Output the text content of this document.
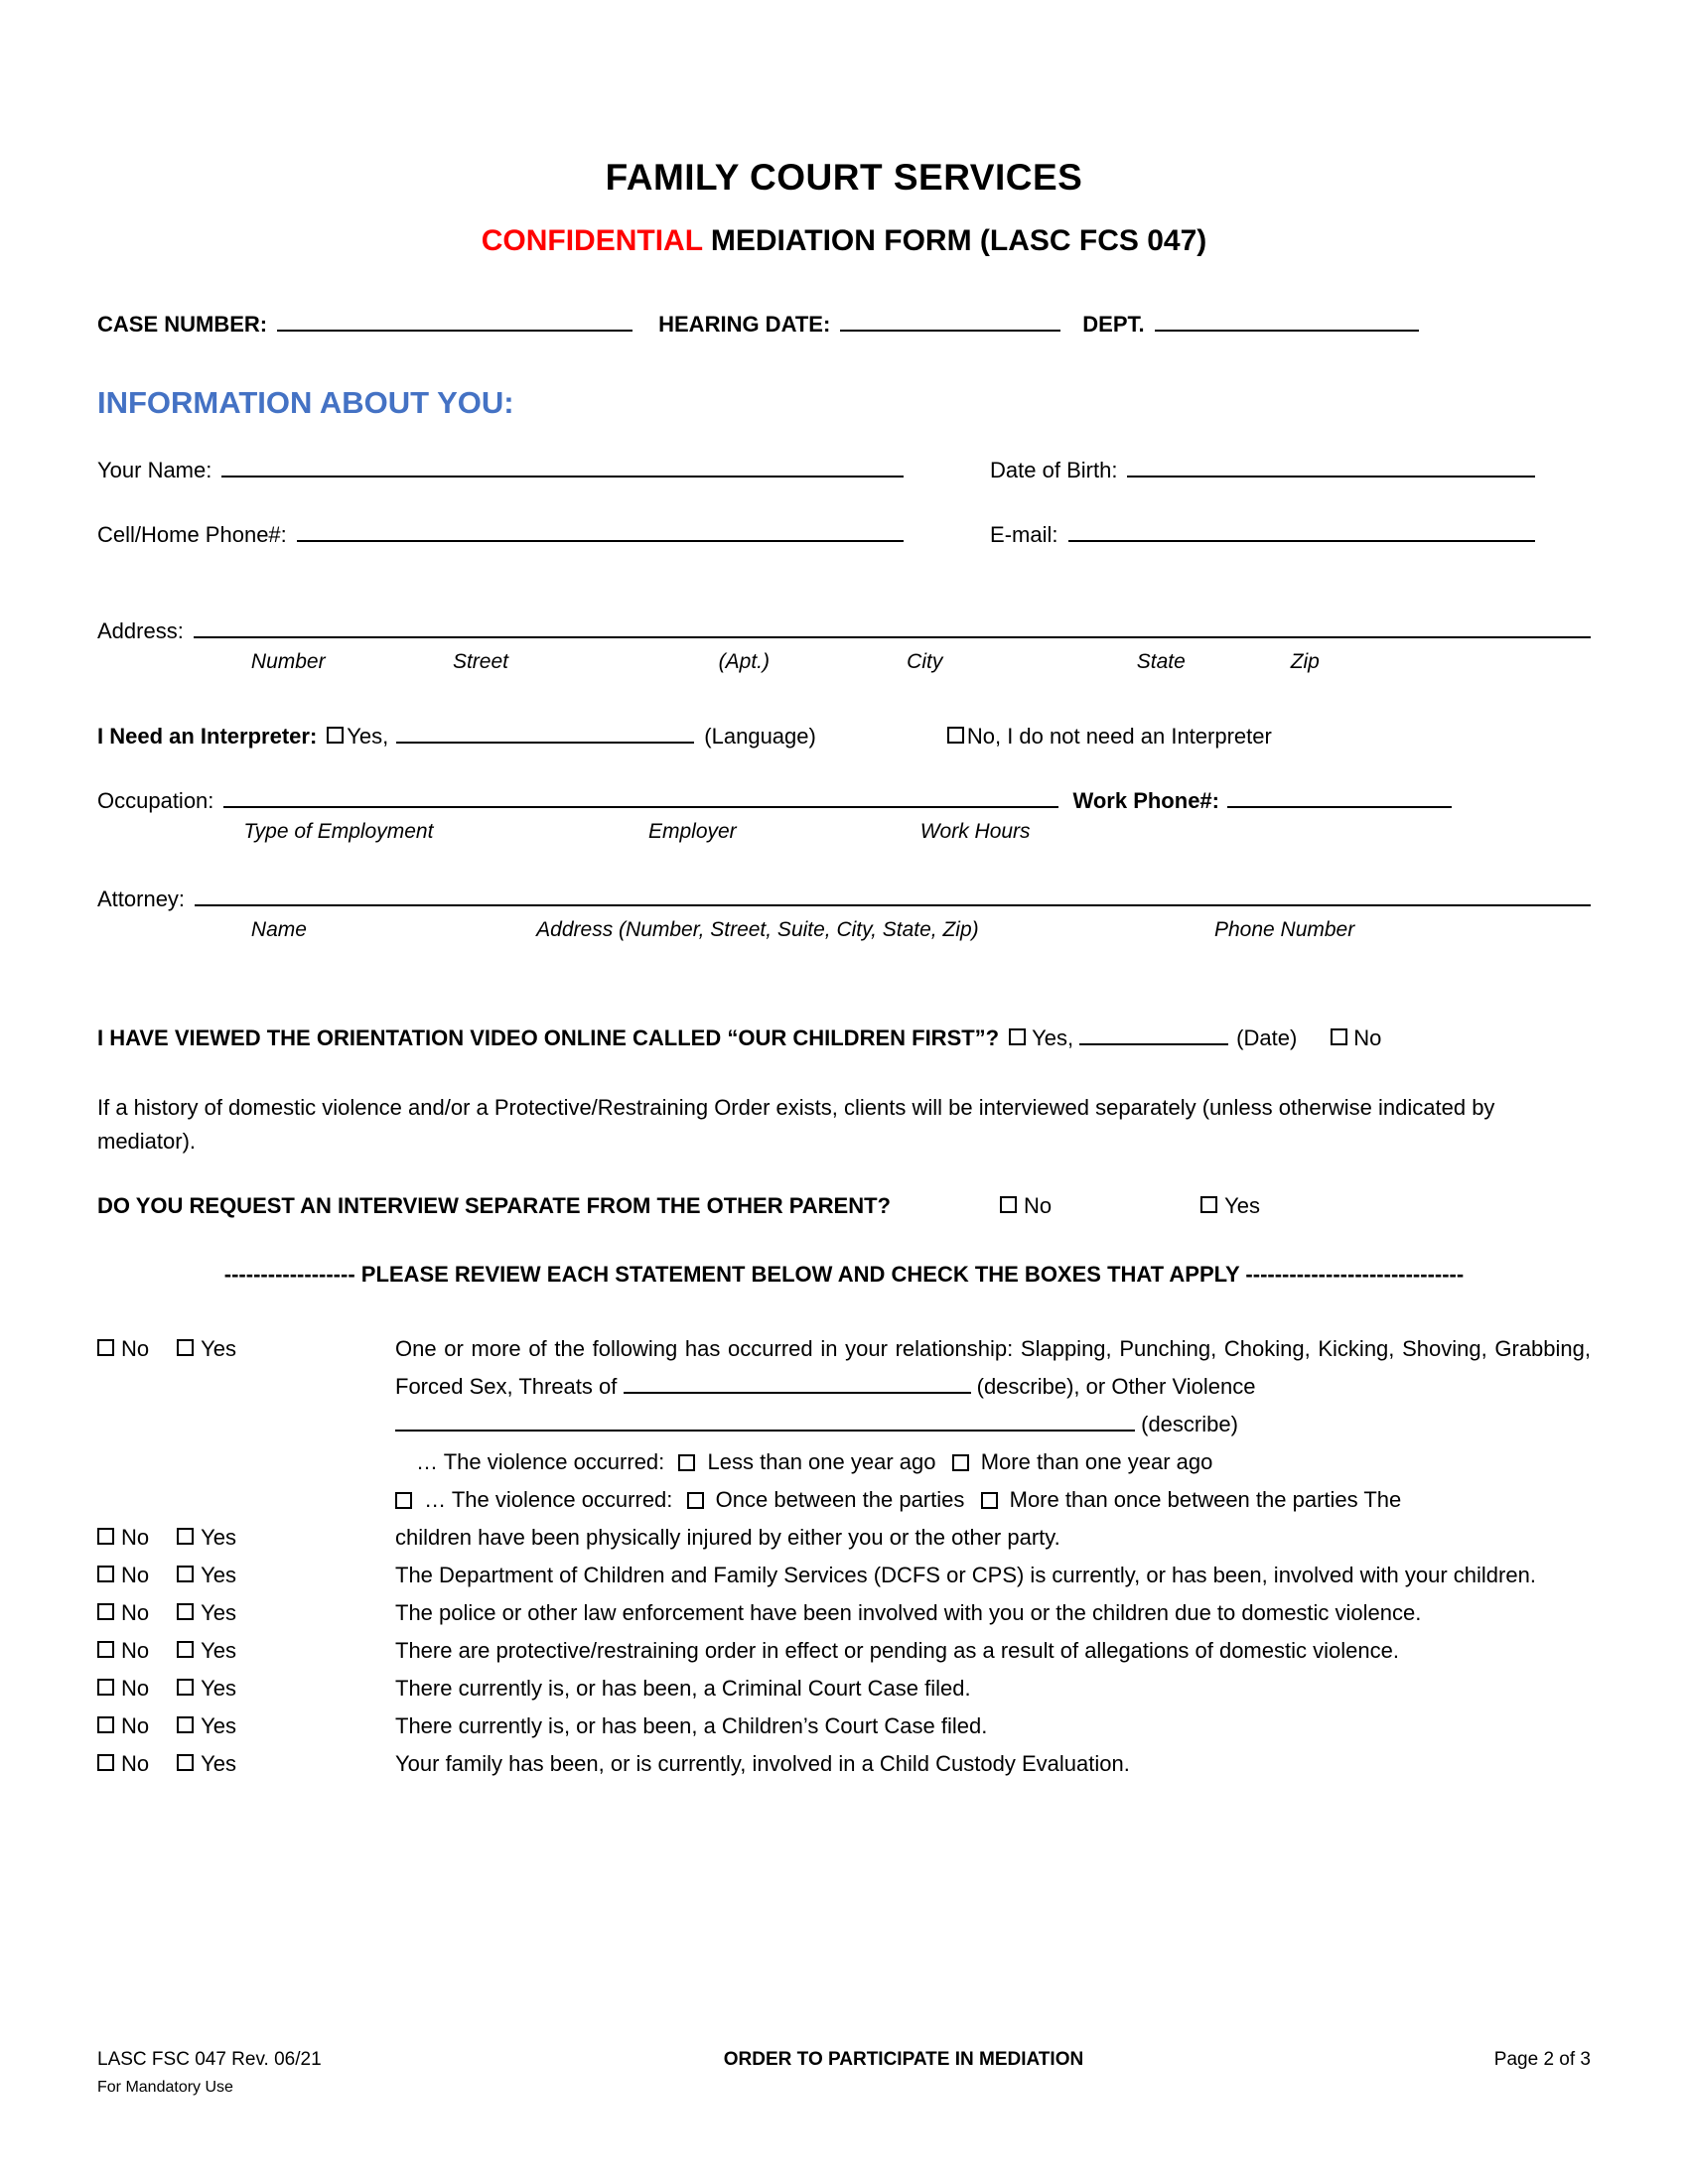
FAMILY COURT SERVICES
CONFIDENTIAL MEDIATION FORM (LASC FCS 047)
CASE NUMBER:	HEARING DATE:	DEPT.
INFORMATION ABOUT YOU:
Your Name:	Date of Birth:
Cell/Home Phone#:	E-mail:
Address:
Number	Street	(Apt.)	City	State	Zip
I Need an Interpreter: Yes,	(Language)	No, I do not need an Interpreter
Occupation:	Work Phone#:
Type of Employment	Employer	Work Hours
Attorney:
Name	Address (Number, Street, Suite, City, State, Zip)	Phone Number
I HAVE VIEWED THE ORIENTATION VIDEO ONLINE CALLED “OUR CHILDREN FIRST”? Yes,	(Date)	No
If a history of domestic violence and/or a Protective/Restraining Order exists, clients will be interviewed separately (unless otherwise indicated by mediator).
DO YOU REQUEST AN INTERVIEW SEPARATE FROM THE OTHER PARENT?	No	Yes
------------------ PLEASE REVIEW EACH STATEMENT BELOW AND CHECK THE BOXES THAT APPLY ------------------------------
No Yes	One or more of the following has occurred in your relationship: Slapping, Punching, Choking, Kicking, Shoving, Grabbing, Forced Sex, Threats of	(describe), or Other Violence
(describe)
… The violence occurred: Less than one year ago More than one year ago
… The violence occurred: Once between the parties More than once between the parties The
No Yes	children have been physically injured by either you or the other party.
No Yes	The Department of Children and Family Services (DCFS or CPS) is currently, or has been, involved with your children.
No Yes	The police or other law enforcement have been involved with you or the children due to domestic violence.
No Yes	There are protective/restraining order in effect or pending as a result of allegations of domestic violence.
No Yes	There currently is, or has been, a Criminal Court Case filed.
No Yes	There currently is, or has been, a Children’s Court Case filed.
No Yes	Your family has been, or is currently, involved in a Child Custody Evaluation.
LASC FSC 047 Rev. 06/21
For Mandatory Use
ORDER TO PARTICIPATE IN MEDIATION	Page 2 of 3
